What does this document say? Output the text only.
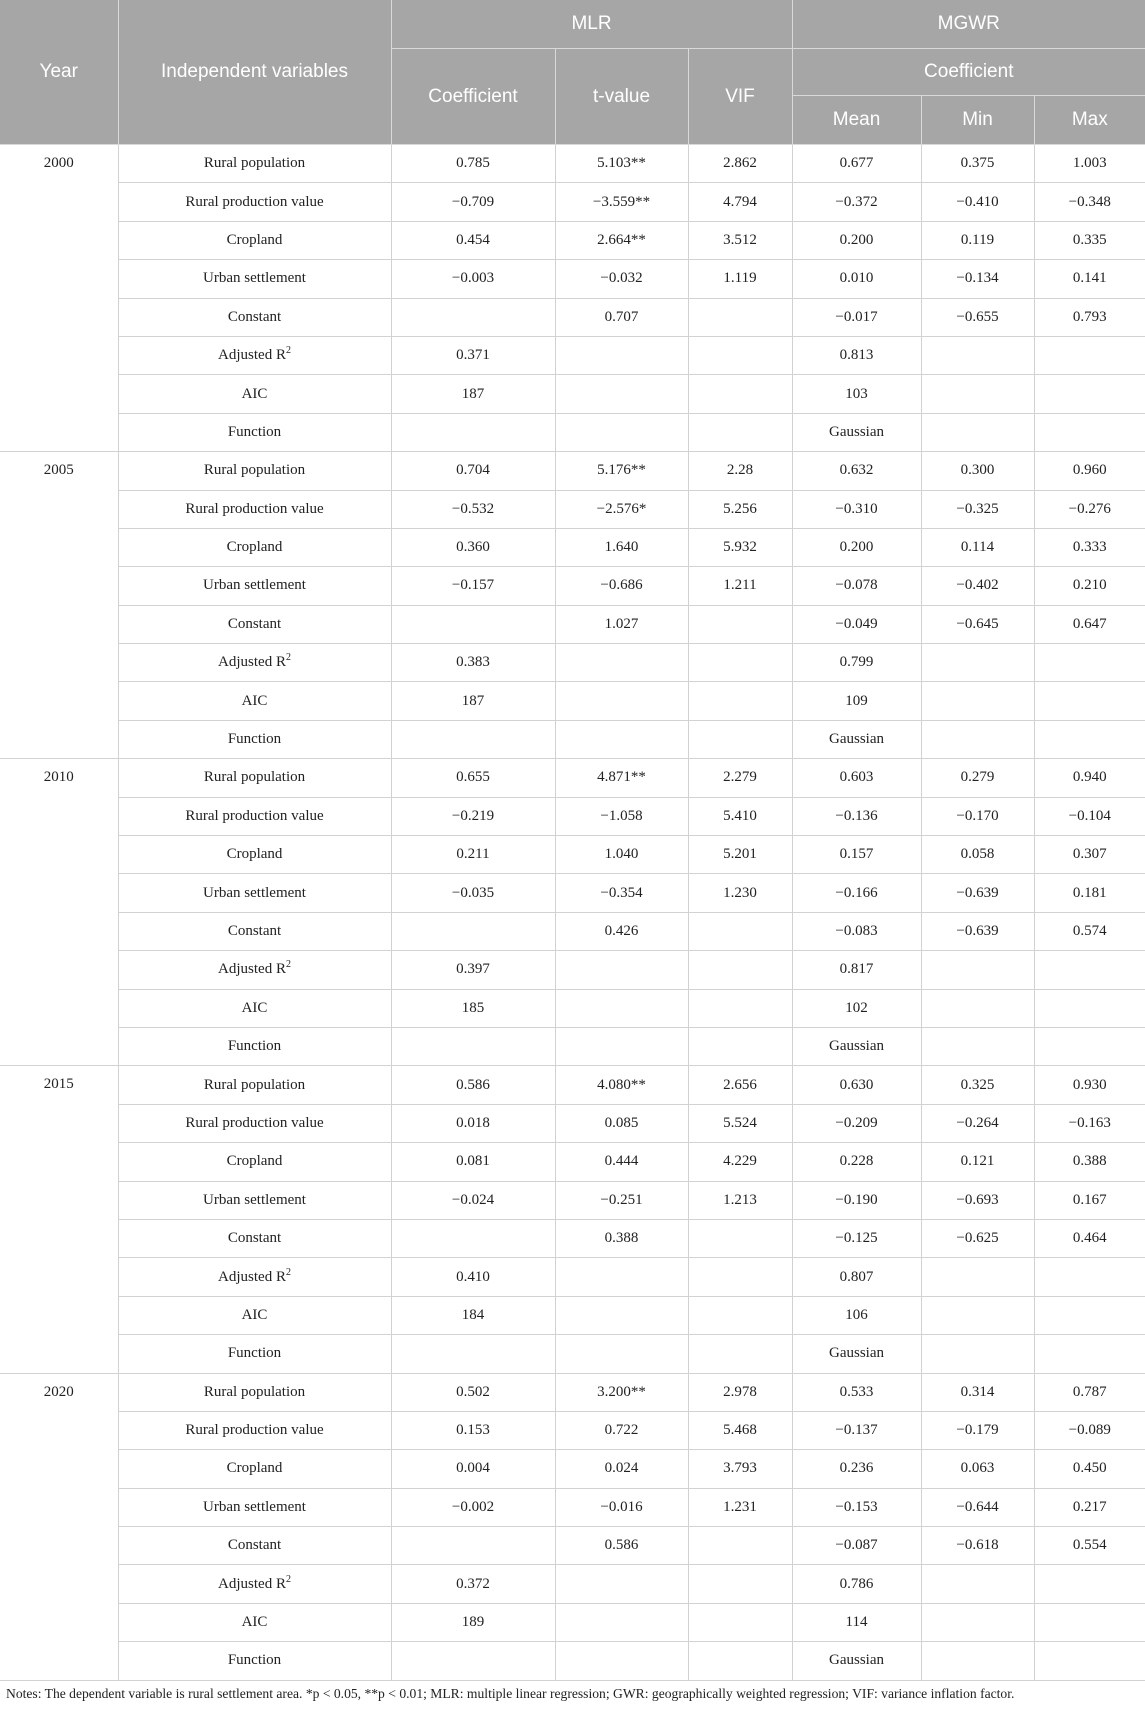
Year	Independent variables	MLR			MGWR		
		Coefficient	t-value	VIF	Coefficient		
					Mean	Min	Max
2000	Rural population	0.785	5.103**	2.862	0.677	0.375	1.003
	Rural production value	−0.709	−3.559**	4.794	−0.372	−0.410	−0.348
	Cropland	0.454	2.664**	3.512	0.200	0.119	0.335
	Urban settlement	−0.003	−0.032	1.119	0.010	−0.134	0.141
	Constant		0.707		−0.017	−0.655	0.793
	Adjusted $R^2$	0.371			0.813		
	AIC	187			103		
	Function				Gaussian		
2005	Rural population	0.704	5.176**	2.28	0.632	0.300	0.960
	Rural production value	−0.532	−2.576*	5.256	−0.310	−0.325	−0.276
	Cropland	0.360	1.640	5.932	0.200	0.114	0.333
	Urban settlement	−0.157	−0.686	1.211	−0.078	−0.402	0.210
	Constant		1.027		−0.049	−0.645	0.647
	Adjusted $R^2$	0.383			0.799		
	AIC	187			109		
	Function				Gaussian		
2010	Rural population	0.655	4.871**	2.279	0.603	0.279	0.940
	Rural production value	−0.219	−1.058	5.410	−0.136	−0.170	−0.104
	Cropland	0.211	1.040	5.201	0.157	0.058	0.307
	Urban settlement	−0.035	−0.354	1.230	−0.166	−0.639	0.181
	Constant		0.426		−0.083	−0.639	0.574
	Adjusted $R^2$	0.397			0.817		
	AIC	185			102		
	Function				Gaussian		
2015	Rural population	0.586	4.080**	2.656	0.630	0.325	0.930
	Rural production value	0.018	0.085	5.524	−0.209	−0.264	−0.163
	Cropland	0.081	0.444	4.229	0.228	0.121	0.388
	Urban settlement	−0.024	−0.251	1.213	−0.190	−0.693	0.167
	Constant		0.388		−0.125	−0.625	0.464
	Adjusted $R^2$	0.410			0.807		
	AIC	184			106		
	Function				Gaussian		
2020	Rural population	0.502	3.200**	2.978	0.533	0.314	0.787
	Rural production value	0.153	0.722	5.468	−0.137	−0.179	−0.089
	Cropland	0.004	0.024	3.793	0.236	0.063	0.450
	Urban settlement	−0.002	−0.016	1.231	−0.153	−0.644	0.217
	Constant		0.586		−0.087	−0.618	0.554
	Adjusted $R^2$	0.372			0.786		
	AIC	189			114		
	Function				Gaussian		
Notes: The dependent variable is rural settlement area. *p < 0.05, **p < 0.01; MLR: multiple linear regression; GWR: geographically weighted regression; VIF: variance inflation factor.
